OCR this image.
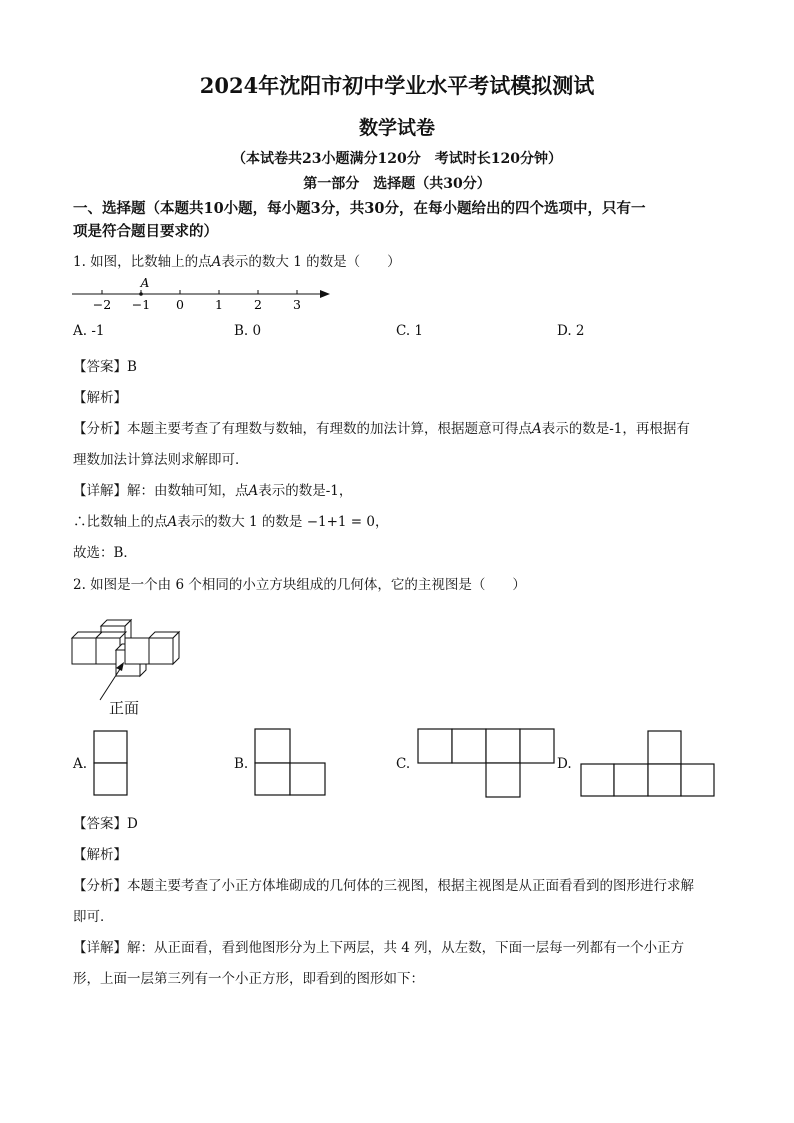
2024年沈阳市初中学业水平考试模拟测试
数学试卷
（本试卷共23小题满分120分　考试时长120分钟）
第一部分　选择题（共30分）
一、选择题（本题共10小题，每小题3分，共30分，在每小题给出的四个选项中，只有一
项是符合题目要求的）
1. 如图，比数轴上的点A表示的数大 1 的数是（　　）
−2 −1 0 1 2 3
A
A. -1	B. 0	C. 1	D. 2
【答案】B
【解析】
【分析】本题主要考查了有理数与数轴，有理数的加法计算，根据题意可得点A表示的数是-1，再根据有
理数加法计算法则求解即可．
【详解】解：由数轴可知，点A表示的数是-1，
∴比数轴上的点A表示的数大 1 的数是 −1+1 = 0，
故选：B．
2. 如图是一个由 6 个相同的小立方块组成的几何体，它的主视图是（　　）
正面
A.	B.	C.	D.
【答案】D
【解析】
【分析】本题主要考查了小正方体堆砌成的几何体的三视图，根据主视图是从正面看看到的图形进行求解
即可．
【详解】解：从正面看，看到他图形分为上下两层，共 4 列，从左数，下面一层每一列都有一个小正方
形，上面一层第三列有一个小正方形，即看到的图形如下：
